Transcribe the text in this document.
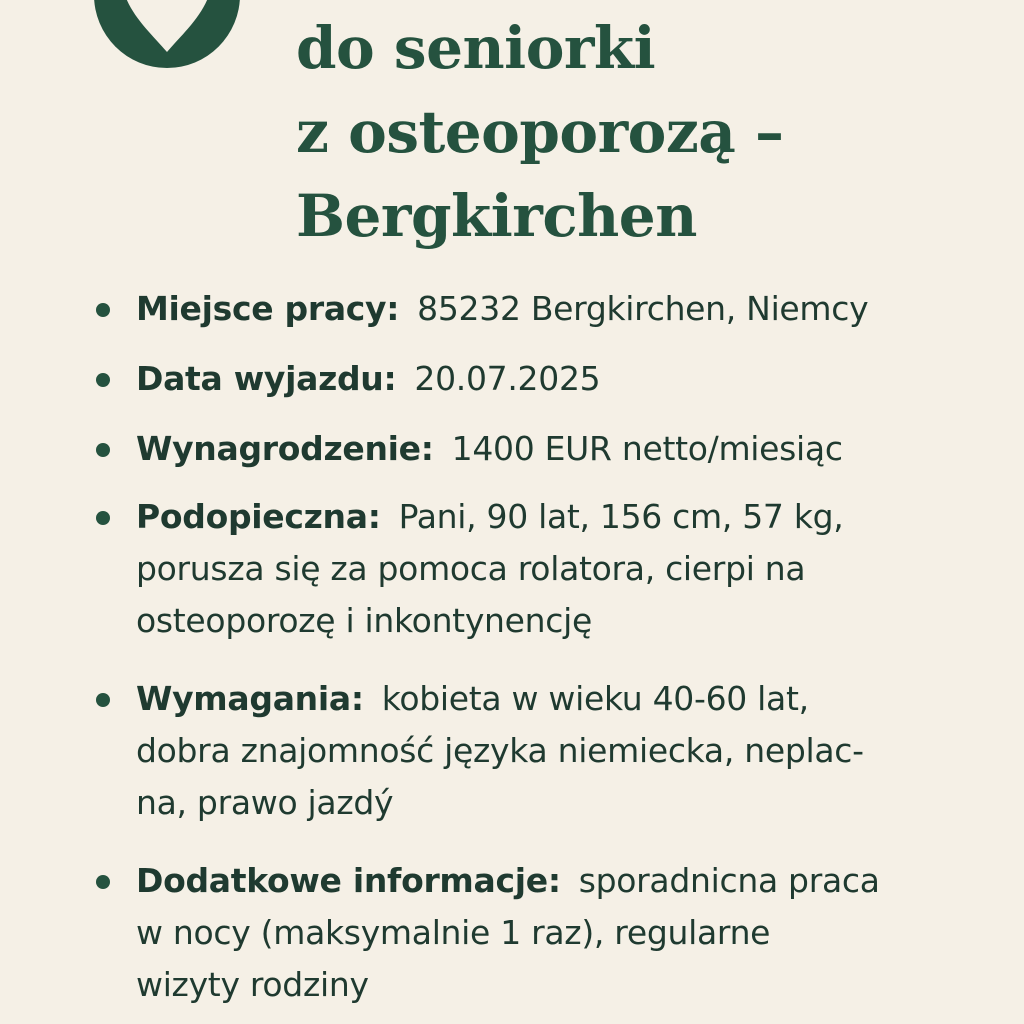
do seniorki
z osteoporozą –
Bergkirchen
Miejsce pracy: 85232 Bergkirchen, Niemcy
Data wyjazdu: 20.07.2025
Wynagrodzenie: 1400 EUR netto/miesiąc
Podopieczna: Pani, 90 lat, 156 cm, 57 kg,
porusza się za pomoca rolatora, cierpi na
osteoporozę i inkontynencję
Wymagania: kobieta w wieku 40-60 lat,
dobra znajomność języka niemiecka, neplac-
na, prawo jazdý
Dodatkowe informacje: sporadnicna praca
w nocy (maksymalnie 1 raz), regularne
wizyty rodziny
